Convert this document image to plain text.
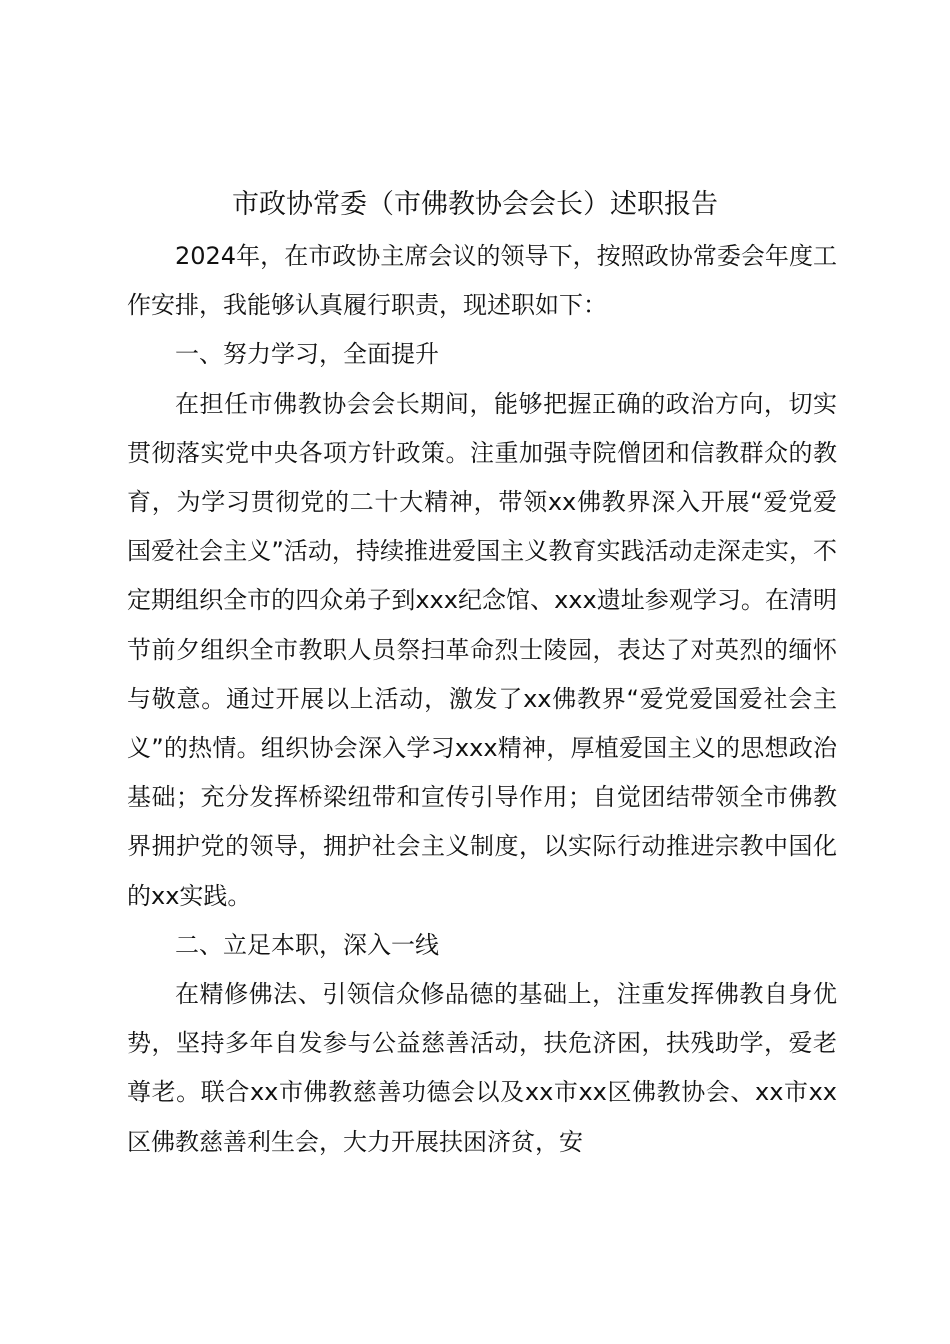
市政协常委（市佛教协会会长）述职报告

2024年，在市政协主席会议的领导下，按照政协常委会年度工作安排，我能够认真履行职责，现述职如下：

一、努力学习，全面提升

在担任市佛教协会会长期间，能够把握正确的政治方向，切实贯彻落实党中央各项方针政策。注重加强寺院僧团和信教群众的教育，为学习贯彻党的二十大精神，带领xx佛教界深入开展“爱党爱国爱社会主义”活动，持续推进爱国主义教育实践活动走深走实，不定期组织全市的四众弟子到xxx纪念馆、xxx遗址参观学习。在清明节前夕组织全市教职人员祭扫革命烈士陵园，表达了对英烈的缅怀与敬意。通过开展以上活动，激发了xx佛教界“爱党爱国爱社会主义”的热情。组织协会深入学习xxx精神，厚植爱国主义的思想政治基础；充分发挥桥梁纽带和宣传引导作用；自觉团结带领全市佛教界拥护党的领导，拥护社会主义制度，以实际行动推进宗教中国化的xx实践。

二、立足本职，深入一线

在精修佛法、引领信众修品德的基础上，注重发挥佛教自身优势，坚持多年自发参与公益慈善活动，扶危济困，扶残助学，爱老尊老。联合xx市佛教慈善功德会以及xx市xx区佛教协会、xx市xx区佛教慈善利生会，大力开展扶困济贫，安
